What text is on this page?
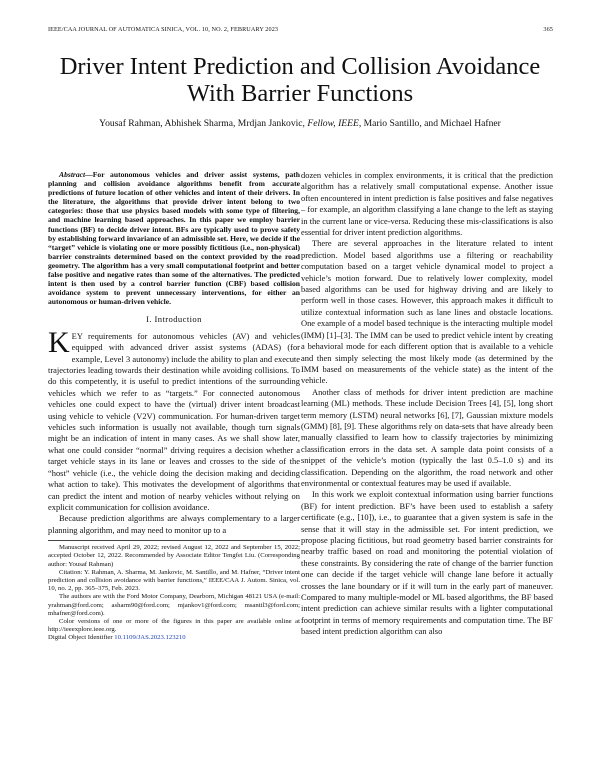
IEEE/CAA JOURNAL OF AUTOMATICA SINICA, VOL. 10, NO. 2, FEBRUARY 2023	365
Driver Intent Prediction and Collision Avoidance With Barrier Functions
Yousaf Rahman, Abhishek Sharma, Mrdjan Jankovic, Fellow, IEEE, Mario Santillo, and Michael Hafner

Abstract—For autonomous vehicles and driver assist systems, path planning and collision avoidance algorithms benefit from accurate predictions of future location of other vehicles and intent of their drivers. In the literature, the algorithms that provide driver intent belong to two categories: those that use physics based models with some type of filtering, and machine learning based approaches. In this paper we employ barrier functions (BF) to decide driver intent. BFs are typically used to prove safety by establishing forward invariance of an admissible set. Here, we decide if the “target” vehicle is violating one or more possibly fictitious (i.e., non-physical) barrier constraints determined based on the context provided by the road geometry. The algorithm has a very small computational footprint and better false positive and negative rates than some of the alternatives. The predicted intent is then used by a control barrier function (CBF) based collision avoidance system to prevent unnecessary interventions, for either an autonomous or human-driven vehicle.

I. Introduction

KEY requirements for autonomous vehicles (AV) and vehicles equipped with advanced driver assist systems (ADAS) (for example, Level 3 autonomy) include the ability to plan and execute trajectories leading towards their destination while avoiding collisions. To do this competently, it is useful to predict intentions of the surrounding vehicles which we refer to as “targets.” For connected autonomous vehicles one could expect to have the (virtual) driver intent broadcast using vehicle to vehicle (V2V) communication. For human-driven target vehicles such information is usually not available, though turn signals might be an indication of intent in many cases. As we shall show later, what one could consider “normal” driving requires a decision whether a target vehicle stays in its lane or leaves and crosses to the side of the “host” vehicle (i.e., the vehicle doing the decision making and deciding what action to take). This motivates the development of algorithms that can predict the intent and motion of nearby vehicles without relying on explicit communication for collision avoidance.

Because prediction algorithms are always complementary to a larger planning algorithm, and may need to monitor up to a

Manuscript received April 29, 2022; revised August 12, 2022 and September 15, 2022; accepted October 12, 2022. Recommended by Associate Editor Tengfei Liu. (Corresponding author: Yousaf Rahman)

Citation: Y. Rahman, A. Sharma, M. Jankovic, M. Santillo, and M. Hafner, “Driver intent prediction and collision avoidance with barrier functions,” IEEE/CAA J. Autom. Sinica, vol. 10, no. 2, pp. 365–375, Feb. 2023.

The authors are with the Ford Motor Company, Dearborn, Michigan 48121 USA (e-mail: yrahman@ford.com; asharm90@ford.com; mjankov1@ford.com; msantil3@ford.com; mhafner@ford.com).

Color versions of one or more of the figures in this paper are available online at http://ieeexplore.ieee.org.

Digital Object Identifier 10.1109/JAS.2023.123210

dozen vehicles in complex environments, it is critical that the prediction algorithm has a relatively small computational expense. Another issue often encountered in intent prediction is false positives and false negatives – for example, an algorithm classifying a lane change to the left as staying in the current lane or vice-versa. Reducing these mis-classifications is also essential for driver intent prediction algorithms.

There are several approaches in the literature related to intent prediction. Model based algorithms use a filtering or reachability computation based on a target vehicle dynamical model to project a vehicle’s motion forward. Due to relatively lower complexity, model based algorithms can be used for highway driving and are likely to perform well in those cases. However, this approach makes it difficult to utilize contextual information such as lane lines and obstacle locations. One example of a model based technique is the interacting multiple model (IMM) [1]–[3]. The IMM can be used to predict vehicle intent by creating a behavioral mode for each different option that is available to a vehicle and then simply selecting the most likely mode (as determined by the IMM based on measurements of the vehicle state) as the intent of the vehicle.

Another class of methods for driver intent prediction are machine learning (ML) methods. These include Decision Trees [4], [5], long short term memory (LSTM) neural networks [6], [7], Gaussian mixture models (GMM) [8], [9]. These algorithms rely on data-sets that have already been manually classified to learn how to classify trajectories by minimizing classification errors in the data set. A sample data point consists of a snippet of the vehicle’s motion (typically the last 0.5–1.0 s) and its classification. Depending on the algorithm, the road network and other environmental or contextual features may be used if available.

In this work we exploit contextual information using barrier functions (BF) for intent prediction. BF’s have been used to establish a safety certificate (e.g., [10]), i.e., to guarantee that a given system is safe in the sense that it will stay in the admissible set. For intent prediction, we propose placing fictitious, but road geometry based barrier constraints for nearby traffic based on road and monitoring the potential violation of these constraints. By considering the rate of change of the barrier function one can decide if the target vehicle will change lane before it actually crosses the lane boundary or if it will turn in the early part of maneuver. Compared to many multiple-model or ML based algorithms, the BF based intent prediction can achieve similar results with a lighter computational footprint in terms of memory requirements and computation time. The BF based intent prediction algorithm can also
